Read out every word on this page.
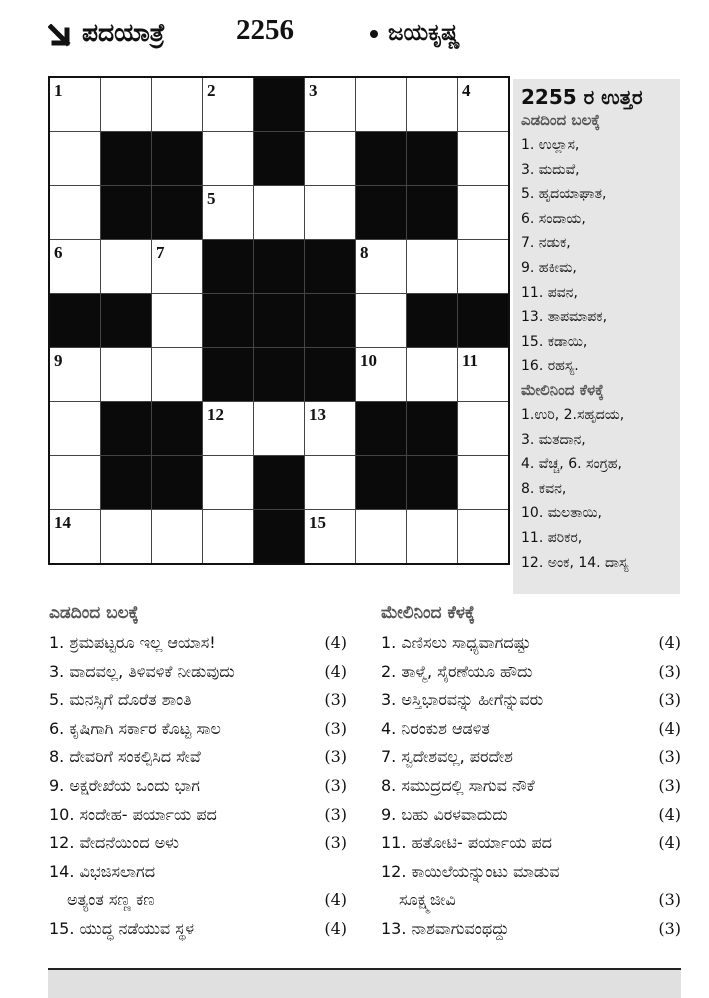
ಪದಯಾತ್ರೆ 2256	ಜಯಕೃಷ್ಣ
1			2		3			4

			5					

6		7				8		

9						10		11

			12		13			

14					15			

2255 ರ ಉತ್ತರ
ಎಡದಿಂದ ಬಲಕ್ಕೆ
1. ಉಲ್ಲಾಸ,
3. ಮದುವೆ,
5. ಹೃದಯಾಘಾತ,
6. ಸಂದಾಯ,
7. ನಡುಕ,
9. ಹಕೀಮ,
11. ಪವನ,
13. ತಾಪಮಾಪಕ,
15. ಕಡಾಯಿ,
16. ರಹಸ್ಯ.
ಮೇಲಿನಿಂದ ಕೆಳಕ್ಕೆ
1.ಉರಿ, 2.ಸಹೃದಯ,
3. ಮತದಾನ,
4. ವೆಚ್ಚ, 6. ಸಂಗ್ರಹ,
8. ಕವನ,
10. ಮಲತಾಯಿ,
11. ಪರಿಕರ,
12. ಅಂಕ, 14. ದಾಸ್ಯ
ಎಡದಿಂದ ಬಲಕ್ಕೆ
1. ಶ್ರಮಪಟ್ಟರೂ ಇಲ್ಲ ಆಯಾಸ!	(4)
3. ವಾದವಲ್ಲ, ತಿಳಿವಳಿಕೆ ನೀಡುವುದು	(4)
5. ಮನಸ್ಸಿಗೆ ದೊರೆತ ಶಾಂತಿ	(3)
6. ಕೃಷಿಗಾಗಿ ಸರ್ಕಾರ ಕೊಟ್ಟ ಸಾಲ	(3)
8. ದೇವರಿಗೆ ಸಂಕಲ್ಪಿಸಿದ ಸೇವೆ	(3)
9. ಅಕ್ಷರೇಖೆಯ ಒಂದು ಭಾಗ	(3)
10. ಸಂದೇಹ- ಪರ್ಯಾಯ ಪದ	(3)
12. ವೇದನೆಯಿಂದ ಅಳು	(3)
14. ವಿಭಜಿಸಲಾಗದ
ಅತ್ಯಂತ ಸಣ್ಣ ಕಣ	(4)
15. ಯುದ್ಧ ನಡೆಯುವ ಸ್ಥಳ	(4)
ಮೇಲಿನಿಂದ ಕೆಳಕ್ಕೆ
1. ಎಣಿಸಲು ಸಾಧ್ಯವಾಗದಷ್ಟು	(4)
2. ತಾಳ್ಮೆ, ಸೈರಣೆಯೂ ಹೌದು	(3)
3. ಅಸ್ತಿಭಾರವನ್ನು ಹೀಗೆನ್ನುವರು	(3)
4. ನಿರಂಕುಶ ಆಡಳಿತ	(4)
7. ಸ್ವದೇಶವಲ್ಲ, ಪರದೇಶ	(3)
8. ಸಮುದ್ರದಲ್ಲಿ ಸಾಗುವ ನೌಕೆ	(3)
9. ಬಹು ವಿರಳವಾದುದು	(4)
11. ಹತೋಟಿ- ಪರ್ಯಾಯ ಪದ	(4)
12. ಕಾಯಿಲೆಯನ್ನುಂಟು ಮಾಡುವ
ಸೂಕ್ಷ್ಮಜೀವಿ	(3)
13. ನಾಶವಾಗುವಂಥದ್ದು	(3)
